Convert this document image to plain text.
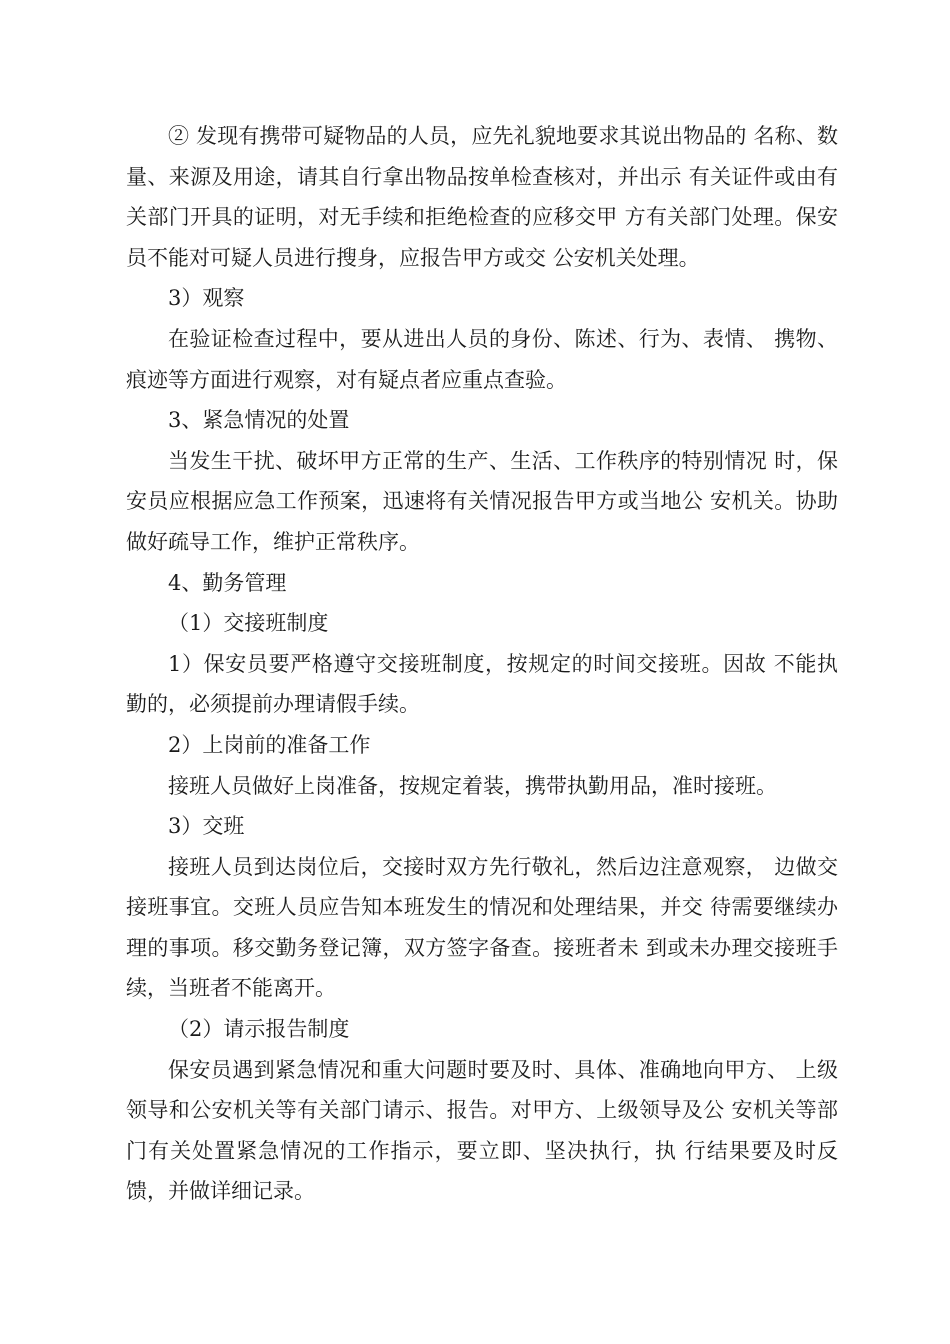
② 发现有携带可疑物品的人员，应先礼貌地要求其说出物品的 名称、数量、来源及用途，请其自行拿出物品按单检查核对，并出示 有关证件或由有关部门开具的证明，对无手续和拒绝检查的应移交甲 方有关部门处理。保安员不能对可疑人员进行搜身，应报告甲方或交 公安机关处理。

3）观察

在验证检查过程中，要从进出人员的身份、陈述、行为、表情、 携物、痕迹等方面进行观察，对有疑点者应重点查验。

3、紧急情况的处置

当发生干扰、破坏甲方正常的生产、生活、工作秩序的特别情况 时，保安员应根据应急工作预案，迅速将有关情况报告甲方或当地公 安机关。协助做好疏导工作，维护正常秩序。

4、勤务管理

（1）交接班制度

1）保安员要严格遵守交接班制度，按规定的时间交接班。因故 不能执勤的，必须提前办理请假手续。

2）上岗前的准备工作

接班人员做好上岗准备，按规定着装，携带执勤用品，准时接班。

3）交班

接班人员到达岗位后，交接时双方先行敬礼，然后边注意观察， 边做交接班事宜。交班人员应告知本班发生的情况和处理结果，并交 待需要继续办理的事项。移交勤务登记簿，双方签字备查。接班者未 到或未办理交接班手续，当班者不能离开。

（2）请示报告制度

保安员遇到紧急情况和重大问题时要及时、具体、准确地向甲方、 上级领导和公安机关等有关部门请示、报告。对甲方、上级领导及公 安机关等部门有关处置紧急情况的工作指示，要立即、坚决执行，执 行结果要及时反馈，并做详细记录。
